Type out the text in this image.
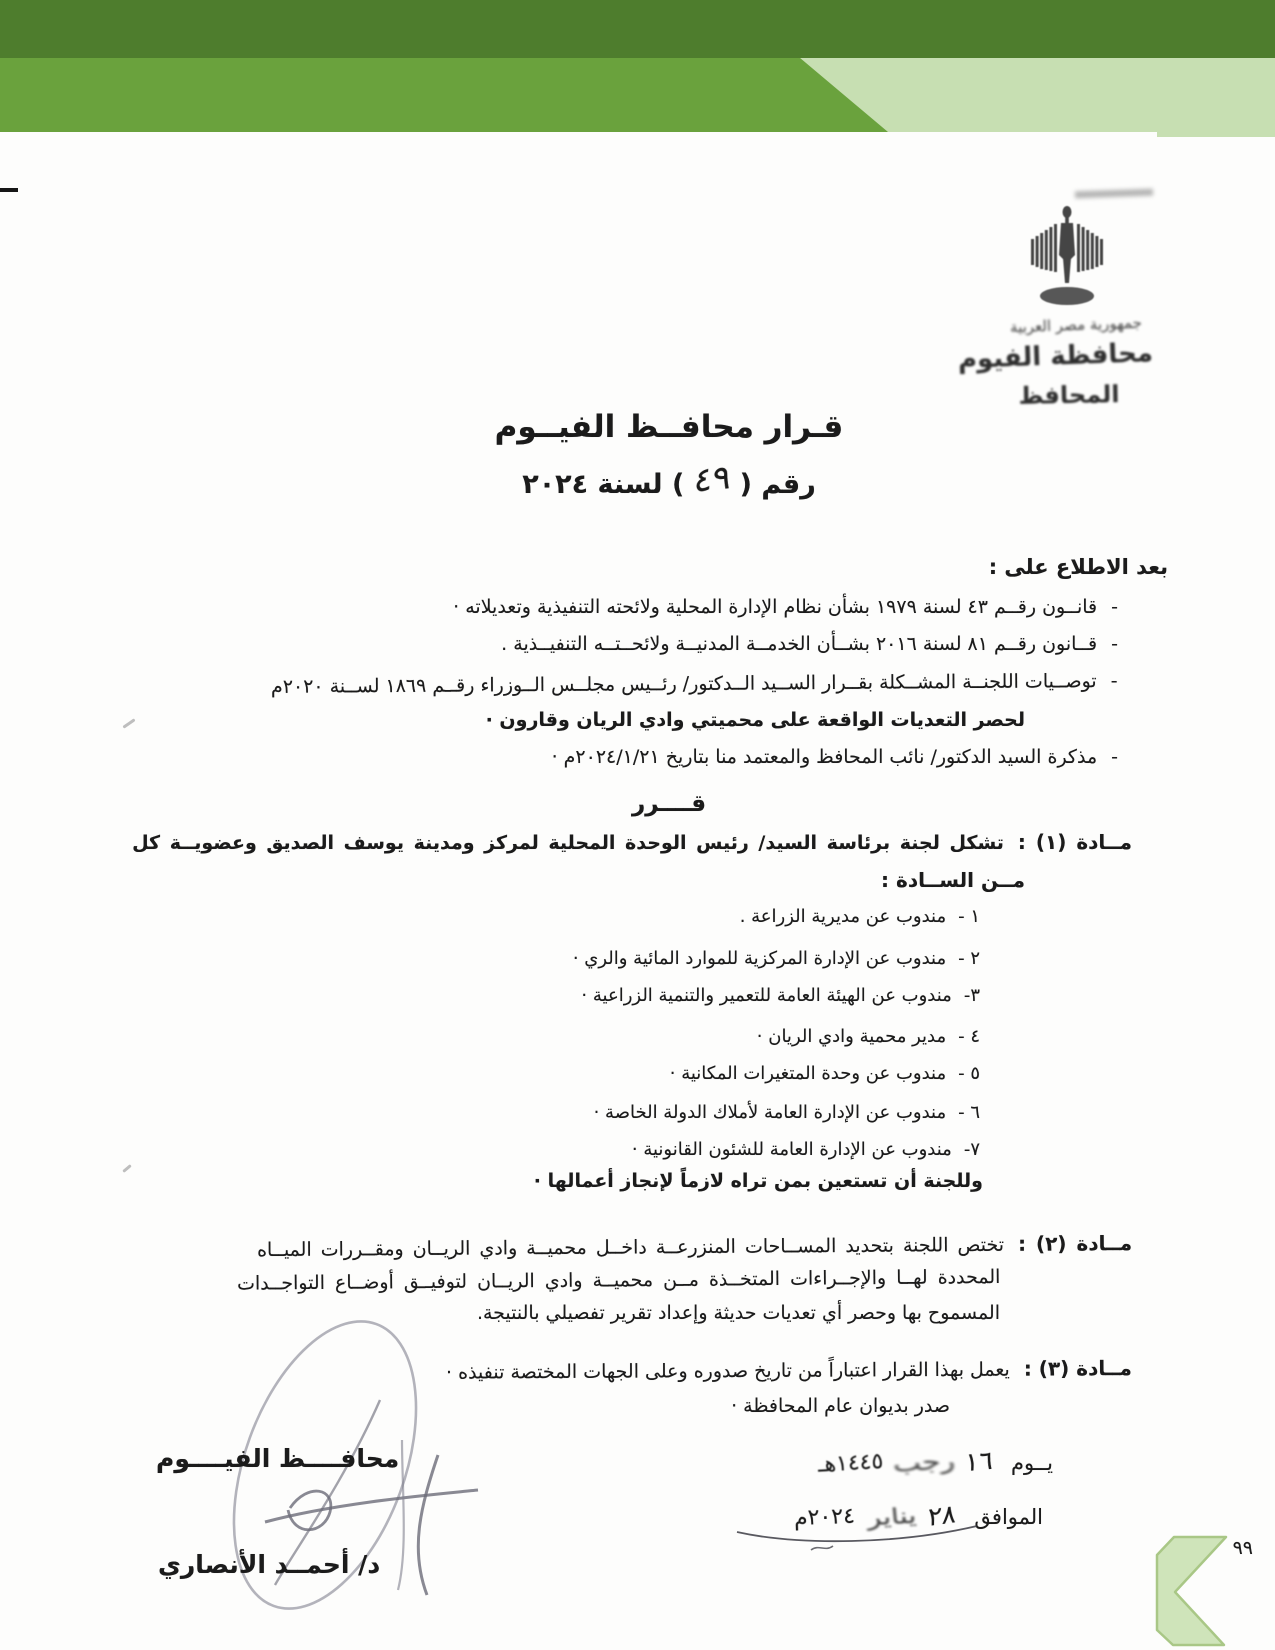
جمهورية مصر العربية
محافظة الفيوم
المحافظ
قـرار محافــظ الفيــوم
رقم ( ٤٩ ) لسنة ٢٠٢٤
بعد الاطلاع على :
-
قانــون رقــم ٤٣ لسنة ١٩٧٩ بشأن نظام الإدارة المحلية ولائحته التنفيذية وتعديلاته ·
-
قــانون رقــم ٨١ لسنة ٢٠١٦ بشــأن الخدمــة المدنيــة ولائحــتــه التنفيــذية .
-
توصــيات اللجنــة المشــكلة بقــرار الســيد الــدكتور/ رئــيس مجلــس الــوزراء رقــم ١٨٦٩ لســنة ٢٠٢٠م
لحصر التعديات الواقعة على محميتي وادي الريان وقارون ·
-
مذكرة السيد الدكتور/ نائب المحافظ والمعتمد منا بتاريخ ٢٠٢٤/١/٢١م ·
قــــرر
مــادة (١) :تشكل لجنة برئاسة السيد/ رئيس الوحدة المحلية لمركز ومدينة يوسف الصديق وعضويــة كل
مــن الســادة :
١ -
مندوب عن مديرية الزراعة .
٢ -
مندوب عن الإدارة المركزية للموارد المائية والري ·
٣-
مندوب عن الهيئة العامة للتعمير والتنمية الزراعية ·
٤ -
مدير محمية وادي الريان ·
٥ -
مندوب عن وحدة المتغيرات المكانية ·
٦ -
مندوب عن الإدارة العامة لأملاك الدولة الخاصة ·
٧-
مندوب عن الإدارة العامة للشئون القانونية ·
وللجنة أن تستعين بمن تراه لازماً لإنجاز أعمالها ·
مــادة (٢) :تختص اللجنة بتحديد المســاحات المنزرعــة داخــل محميــة وادي الريــان ومقــررات الميــاه
المحددة لهــا والإجــراءات المتخــذة مــن محميــة وادي الريــان لتوفيــق أوضــاع التواجــدات
المسموح بها وحصر أي تعديات حديثة وإعداد تقرير تفصيلي بالنتيجة.
مــادة (٣) :يعمل بهذا القرار اعتباراً من تاريخ صدوره وعلى الجهات المختصة تنفيذه ·
صدر بديوان عام المحافظة ·
يــوم
١٦
رجب
١٤٤٥هـ
الموافق
٢٨
يناير
٢٠٢٤م
محافــــظ الفيــــوم
د/ أحمــد الأنصاري
٩٩
